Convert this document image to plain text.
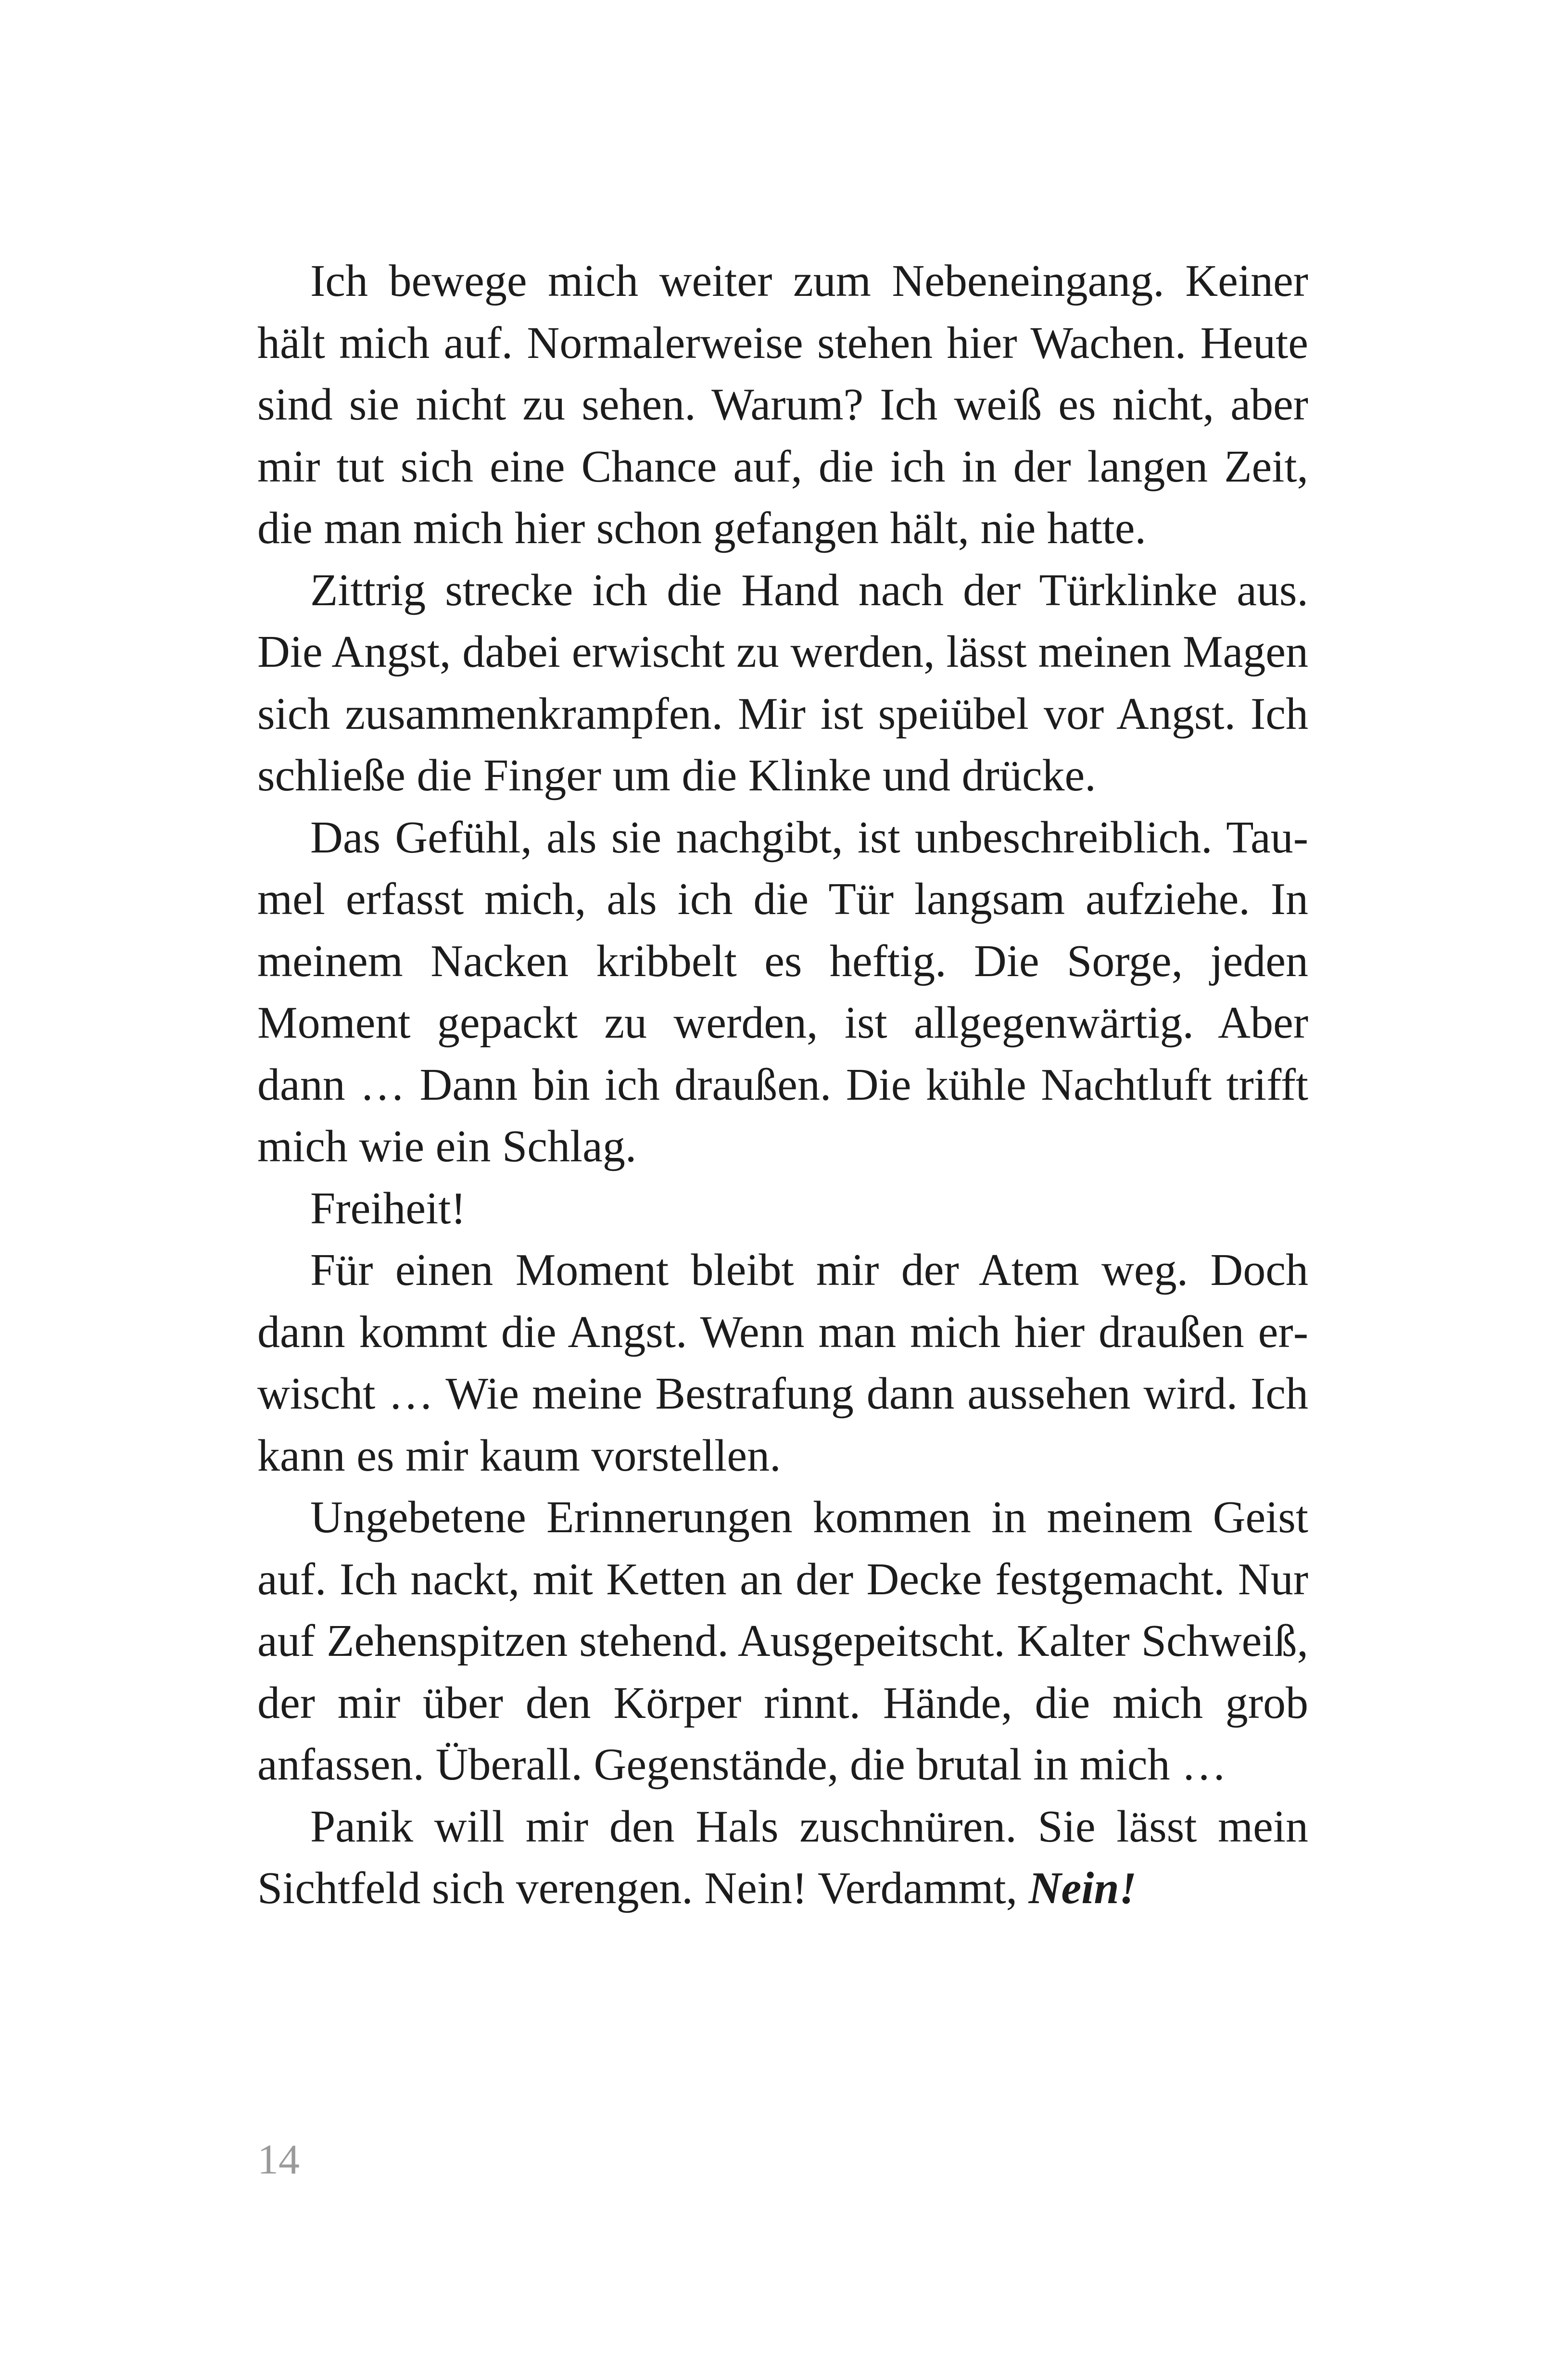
Ich bewege mich weiter zum Nebeneingang. Keiner hält mich auf. Normalerweise stehen hier Wachen. Heute sind sie nicht zu sehen. Warum? Ich weiß es nicht, aber mir tut sich eine Chance auf, die ich in der langen Zeit, die man mich hier schon gefangen hält, nie hatte.

Zittrig strecke ich die Hand nach der Türklinke aus. Die Angst, dabei erwischt zu werden, lässt meinen Magen sich zusammenkrampfen. Mir ist speiübel vor Angst. Ich schließe die Finger um die Klinke und drücke.

Das Gefühl, als sie nachgibt, ist unbeschreiblich. Taumel erfasst mich, als ich die Tür langsam aufziehe. In meinem Nacken kribbelt es heftig. Die Sorge, jeden Moment gepackt zu werden, ist allgegenwärtig. Aber dann … Dann bin ich draußen. Die kühle Nachtluft trifft mich wie ein Schlag.

Freiheit!

Für einen Moment bleibt mir der Atem weg. Doch dann kommt die Angst. Wenn man mich hier draußen erwischt … Wie meine Bestrafung dann aussehen wird. Ich kann es mir kaum vorstellen.

Ungebetene Erinnerungen kommen in meinem Geist auf. Ich nackt, mit Ketten an der Decke festgemacht. Nur auf Zehenspitzen stehend. Ausgepeitscht. Kalter Schweiß, der mir über den Körper rinnt. Hände, die mich grob anfassen. Überall. Gegenstände, die brutal in mich …

Panik will mir den Hals zuschnüren. Sie lässt mein Sichtfeld sich verengen. Nein! Verdammt, Nein!

14
